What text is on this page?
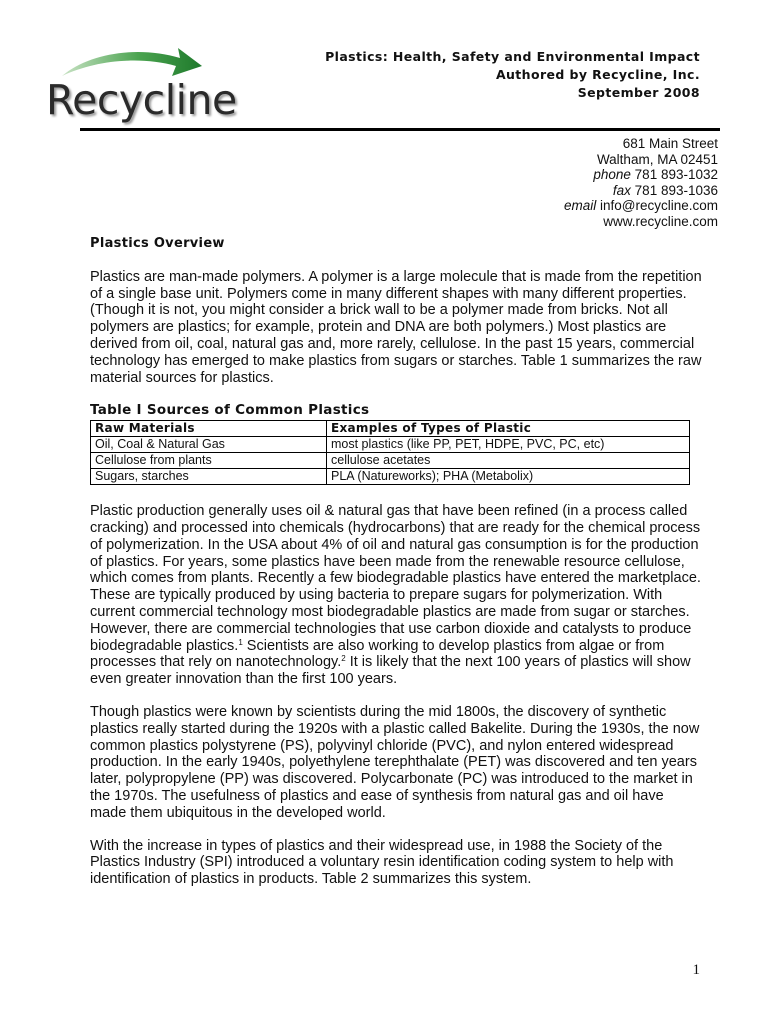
Recycline
Plastics: Health, Safety and Environmental Impact
Authored by Recycline, Inc.
September 2008
681 Main Street
Waltham, MA 02451
phone 781 893-1032
fax 781 893-1036
email info@recycline.com
www.recycline.com
Plastics Overview

Plastics are man-made polymers. A polymer is a large molecule that is made from the repetition of a single base unit. Polymers come in many different shapes with many different properties. (Though it is not, you might consider a brick wall to be a polymer made from bricks. Not all polymers are plastics; for example, protein and DNA are both polymers.) Most plastics are derived from oil, coal, natural gas and, more rarely, cellulose. In the past 15 years, commercial technology has emerged to make plastics from sugars or starches. Table 1 summarizes the raw material sources for plastics.

Table I Sources of Common Plastics
Raw Materials	Examples of Types of Plastic
Oil, Coal & Natural Gas	most plastics (like PP, PET, HDPE, PVC, PC, etc)
Cellulose from plants	cellulose acetates
Sugars, starches	PLA (Natureworks); PHA (Metabolix)

Plastic production generally uses oil & natural gas that have been refined (in a process called cracking) and processed into chemicals (hydrocarbons) that are ready for the chemical process of polymerization. In the USA about 4% of oil and natural gas consumption is for the production of plastics. For years, some plastics have been made from the renewable resource cellulose, which comes from plants. Recently a few biodegradable plastics have entered the marketplace. These are typically produced by using bacteria to prepare sugars for polymerization. With current commercial technology most biodegradable plastics are made from sugar or starches. However, there are commercial technologies that use carbon dioxide and catalysts to produce biodegradable plastics.$^1$ Scientists are also working to develop plastics from algae or from processes that rely on nanotechnology.$^2$ It is likely that the next 100 years of plastics will show even greater innovation than the first 100 years.

Though plastics were known by scientists during the mid 1800s, the discovery of synthetic plastics really started during the 1920s with a plastic called Bakelite. During the 1930s, the now common plastics polystyrene (PS), polyvinyl chloride (PVC), and nylon entered widespread production. In the early 1940s, polyethylene terephthalate (PET) was discovered and ten years later, polypropylene (PP) was discovered. Polycarbonate (PC) was introduced to the market in the 1970s. The usefulness of plastics and ease of synthesis from natural gas and oil have made them ubiquitous in the developed world.

With the increase in types of plastics and their widespread use, in 1988 the Society of the Plastics Industry (SPI) introduced a voluntary resin identification coding system to help with identification of plastics in products. Table 2 summarizes this system.

1
